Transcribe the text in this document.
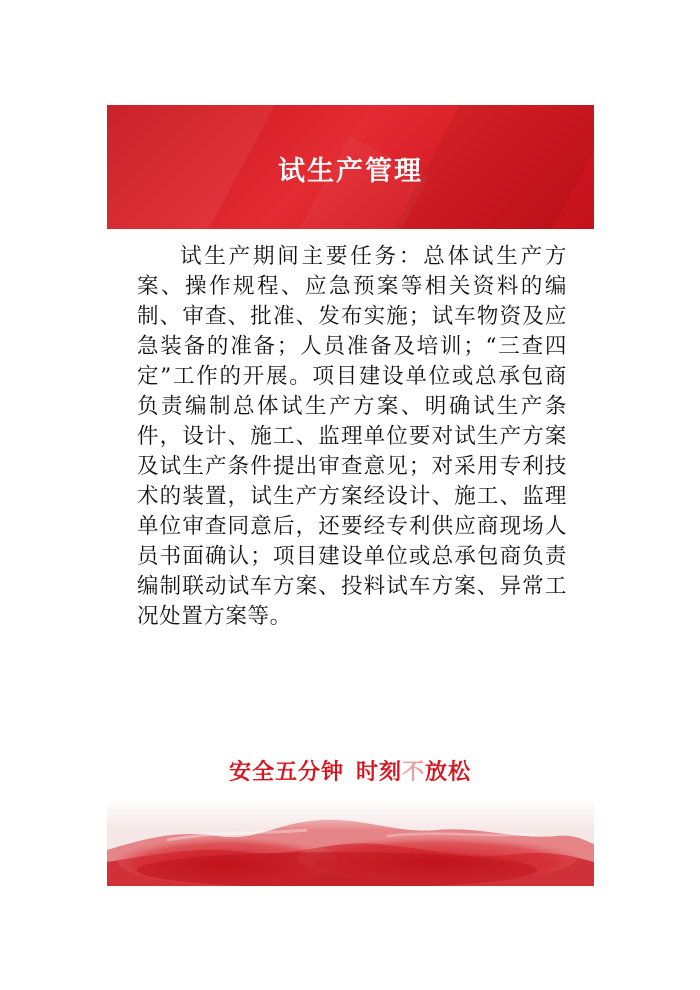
试生产管理

试生产期间主要任务：总体试生产方案、操作规程、应急预案等相关资料的编制、审查、批准、发布实施；试车物资及应急装备的准备；人员准备及培训；“三查四定”工作的开展。项目建设单位或总承包商负责编制总体试生产方案、明确试生产条件，设计、施工、监理单位要对试生产方案及试生产条件提出审查意见；对采用专利技术的装置，试生产方案经设计、施工、监理单位审查同意后，还要经专利供应商现场人员书面确认；项目建设单位或总承包商负责编制联动试车方案、投料试车方案、异常工况处置方案等。

安全五分钟 时刻不放松
